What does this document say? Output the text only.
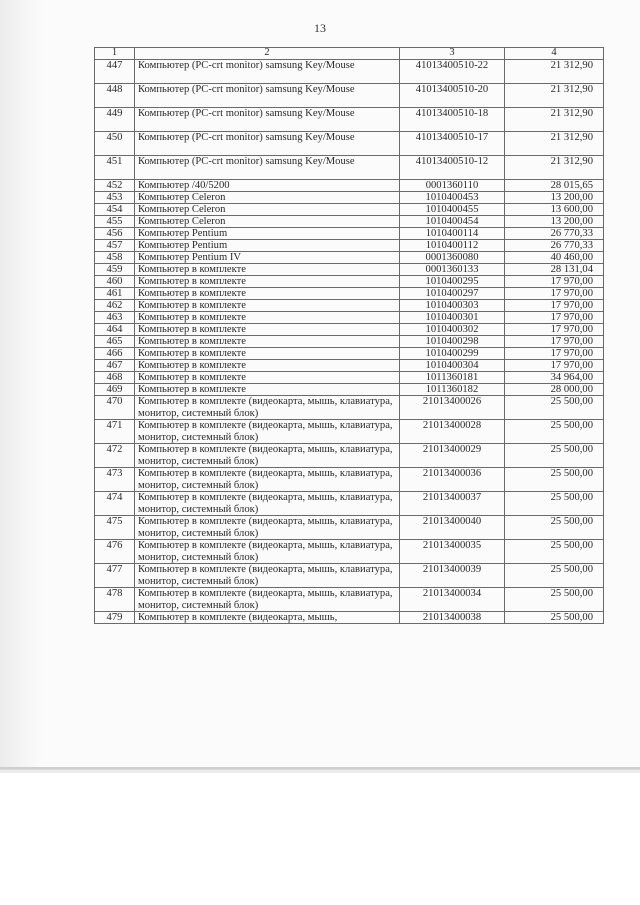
13
1	2	3	4
447	Компьютер (PC-crt monitor) samsung Key/Mouse	41013400510-22	21 312,90
448	Компьютер (PC-crt monitor) samsung Key/Mouse	41013400510-20	21 312,90
449	Компьютер (PC-crt monitor) samsung Key/Mouse	41013400510-18	21 312,90
450	Компьютер (PC-crt monitor) samsung Key/Mouse	41013400510-17	21 312,90
451	Компьютер (PC-crt monitor) samsung Key/Mouse	41013400510-12	21 312,90
452	Компьютер /40/5200	0001360110	28 015,65
453	Компьютер Celeron	1010400453	13 200,00
454	Компьютер Celeron	1010400455	13 600,00
455	Компьютер Celeron	1010400454	13 200,00
456	Компьютер Pentium	1010400114	26 770,33
457	Компьютер Pentium	1010400112	26 770,33
458	Компьютер Pentium IV	0001360080	40 460,00
459	Компьютер в комплекте	0001360133	28 131,04
460	Компьютер в комплекте	1010400295	17 970,00
461	Компьютер в комплекте	1010400297	17 970,00
462	Компьютер в комплекте	1010400303	17 970,00
463	Компьютер в комплекте	1010400301	17 970,00
464	Компьютер в комплекте	1010400302	17 970,00
465	Компьютер в комплекте	1010400298	17 970,00
466	Компьютер в комплекте	1010400299	17 970,00
467	Компьютер в комплекте	1010400304	17 970,00
468	Компьютер в комплекте	1011360181	34 964,00
469	Компьютер в комплекте	1011360182	28 000,00
470	Компьютер в комплекте (видеокарта, мышь, клавиатура, монитор, системный блок)	21013400026	25 500,00
471	Компьютер в комплекте (видеокарта, мышь, клавиатура, монитор, системный блок)	21013400028	25 500,00
472	Компьютер в комплекте (видеокарта, мышь, клавиатура, монитор, системный блок)	21013400029	25 500,00
473	Компьютер в комплекте (видеокарта, мышь, клавиатура, монитор, системный блок)	21013400036	25 500,00
474	Компьютер в комплекте (видеокарта, мышь, клавиатура, монитор, системный блок)	21013400037	25 500,00
475	Компьютер в комплекте (видеокарта, мышь, клавиатура, монитор, системный блок)	21013400040	25 500,00
476	Компьютер в комплекте (видеокарта, мышь, клавиатура, монитор, системный блок)	21013400035	25 500,00
477	Компьютер в комплекте (видеокарта, мышь, клавиатура, монитор, системный блок)	21013400039	25 500,00
478	Компьютер в комплекте (видеокарта, мышь, клавиатура, монитор, системный блок)	21013400034	25 500,00
479	Компьютер в комплекте (видеокарта, мышь,	21013400038	25 500,00
